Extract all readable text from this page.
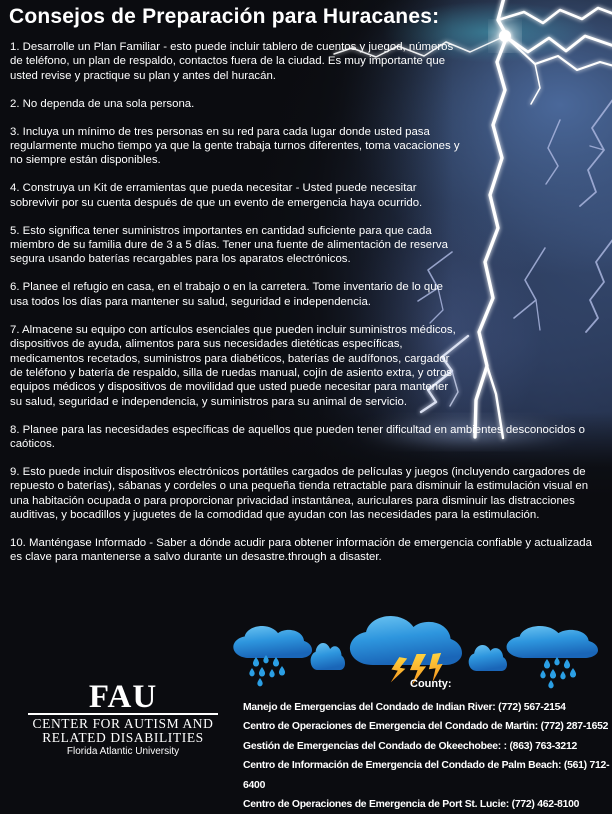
Consejos de Preparación para Huracanes:

1. Desarrolle un Plan Familiar - esto puede incluir tablero de cuentos y juegod, números de teléfono, un plan de respaldo, contactos fuera de la ciudad. Es muy importante que usted revise y practique su plan y antes del huracán.

2. No dependa de una sola persona.

3. Incluya un mínimo de tres personas en su red para cada lugar donde usted pasa regularmente mucho tiempo ya que la gente trabaja turnos diferentes, toma vacaciones y no siempre están disponibles.

4. Construya un Kit de erramientas que pueda necesitar - Usted puede necesitar sobrevivir por su cuenta después de que un evento de emergencia haya ocurrido.

5. Esto significa tener suministros importantes en cantidad suficiente para que cada miembro de su familia dure de 3 a 5 días. Tener una fuente de alimentación de reserva segura usando baterías recargables para los aparatos electrónicos.

6. Planee el refugio en casa, en el trabajo o en la carretera. Tome inventario de lo que usa todos los días para mantener su salud, seguridad e independencia.

7. Almacene su equipo con artículos esenciales que pueden incluir suministros médicos, dispositivos de ayuda, alimentos para sus necesidades dietéticas específicas, medicamentos recetados, suministros para diabéticos, baterías de audífonos, cargador de teléfono y batería de respaldo, silla de ruedas manual, cojín de asiento extra, y otros equipos médicos y dispositivos de movilidad que usted puede necesitar para mantener su salud, seguridad e independencia, y suministros para su animal de servicio.

8. Planee para las necesidades específicas de aquellos que pueden tener dificultad en ambientes desconocidos o caóticos.

9. Esto puede incluir dispositivos electrónicos portátiles cargados de películas y juegos (incluyendo cargadores de repuesto o baterías), sábanas y cordeles o una pequeña tienda retractable para disminuir la estimulación visual en una habitación ocupada o para proporcionar privacidad instantánea, auriculares para disminuir las distracciones auditivas, y bocadillos y juguetes de la comodidad que ayudan con las necesidades para la estimulación.

10. Manténgase Informado - Saber a dónde acudir para obtener información de emergencia confiable y actualizada es clave para mantenerse a salvo durante un desastre.through a disaster.

County:
Manejo de Emergencias del Condado de Indian River: (772) 567-2154
Centro de Operaciones de Emergencia del Condado de Martin: (772) 287-1652
Gestión de Emergencias del Condado de Okeechobee: : (863) 763-3212
Centro de Información de Emergencia del Condado de Palm Beach: (561) 712-6400
Centro de Operaciones de Emergencia de Port St. Lucie: (772) 462-8100
FAU
CENTER FOR AUTISM AND
RELATED DISABILITIES
Florida Atlantic University
